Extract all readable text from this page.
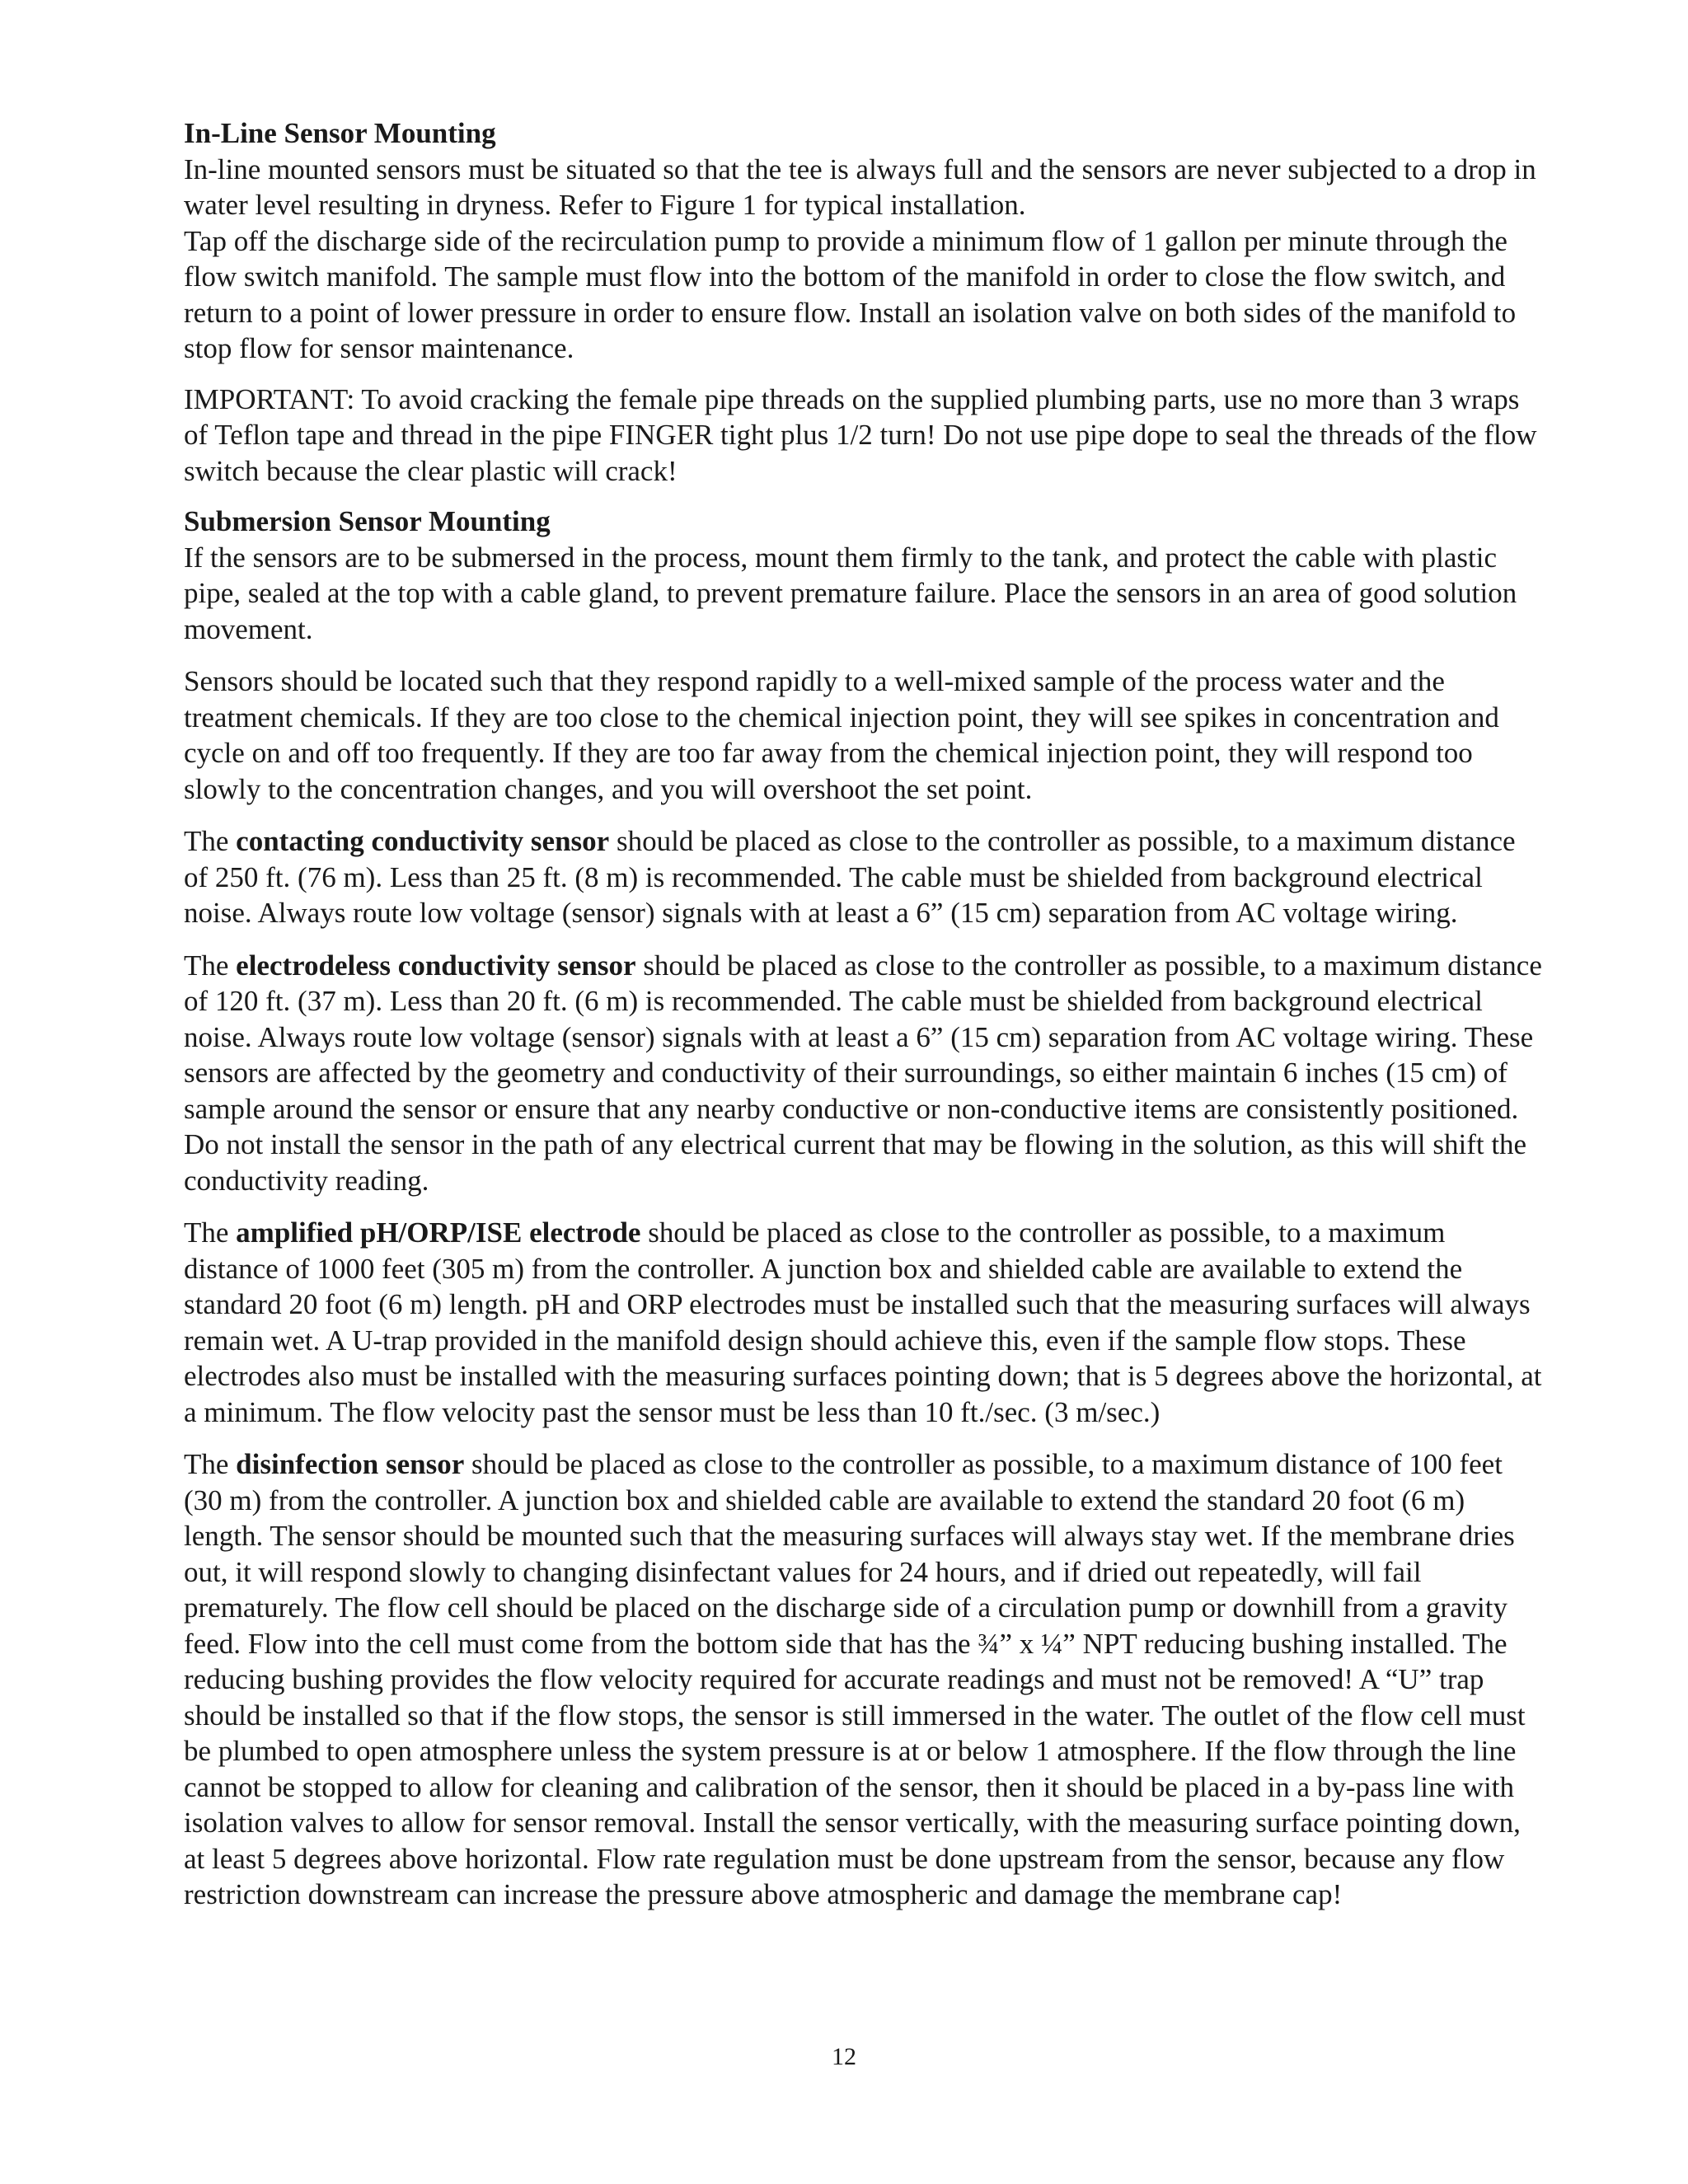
In-Line Sensor Mounting

In-line mounted sensors must be situated so that the tee is always full and the sensors are never subjected to a drop in water level resulting in dryness. Refer to Figure 1 for typical installation.

Tap off the discharge side of the recirculation pump to provide a minimum flow of 1 gallon per minute through the flow switch manifold. The sample must flow into the bottom of the manifold in order to close the flow switch, and return to a point of lower pressure in order to ensure flow. Install an isolation valve on both sides of the manifold to stop flow for sensor maintenance.

IMPORTANT: To avoid cracking the female pipe threads on the supplied plumbing parts, use no more than 3 wraps of Teflon tape and thread in the pipe FINGER tight plus 1/2 turn! Do not use pipe dope to seal the threads of the flow switch because the clear plastic will crack!

Submersion Sensor Mounting

If the sensors are to be submersed in the process, mount them firmly to the tank, and protect the cable with plastic pipe, sealed at the top with a cable gland, to prevent premature failure. Place the sensors in an area of good solution movement.

Sensors should be located such that they respond rapidly to a well-mixed sample of the process water and the treatment chemicals. If they are too close to the chemical injection point, they will see spikes in concentration and cycle on and off too frequently. If they are too far away from the chemical injection point, they will respond too slowly to the concentration changes, and you will overshoot the set point.

The contacting conductivity sensor should be placed as close to the controller as possible, to a maximum distance of 250 ft. (76 m). Less than 25 ft. (8 m) is recommended. The cable must be shielded from background electrical noise. Always route low voltage (sensor) signals with at least a 6” (15 cm) separation from AC voltage wiring.

The electrodeless conductivity sensor should be placed as close to the controller as possible, to a maximum distance of 120 ft. (37 m). Less than 20 ft. (6 m) is recommended. The cable must be shielded from background electrical noise. Always route low voltage (sensor) signals with at least a 6” (15 cm) separation from AC voltage wiring. These sensors are affected by the geometry and conductivity of their surroundings, so either maintain 6 inches (15 cm) of sample around the sensor or ensure that any nearby conductive or non-conductive items are consistently positioned. Do not install the sensor in the path of any electrical current that may be flowing in the solution, as this will shift the conductivity reading.

The amplified pH/ORP/ISE electrode should be placed as close to the controller as possible, to a maximum distance of 1000 feet (305 m) from the controller. A junction box and shielded cable are available to extend the standard 20 foot (6 m) length. pH and ORP electrodes must be installed such that the measuring surfaces will always remain wet. A U-trap provided in the manifold design should achieve this, even if the sample flow stops. These electrodes also must be installed with the measuring surfaces pointing down; that is 5 degrees above the horizontal, at a minimum. The flow velocity past the sensor must be less than 10 ft./sec. (3 m/sec.)

The disinfection sensor should be placed as close to the controller as possible, to a maximum distance of 100 feet (30 m) from the controller. A junction box and shielded cable are available to extend the standard 20 foot (6 m) length. The sensor should be mounted such that the measuring surfaces will always stay wet. If the membrane dries out, it will respond slowly to changing disinfectant values for 24 hours, and if dried out repeatedly, will fail prematurely. The flow cell should be placed on the discharge side of a circulation pump or downhill from a gravity feed. Flow into the cell must come from the bottom side that has the ¾” x ¼” NPT reducing bushing installed. The reducing bushing provides the flow velocity required for accurate readings and must not be removed! A “U” trap should be installed so that if the flow stops, the sensor is still immersed in the water. The outlet of the flow cell must be plumbed to open atmosphere unless the system pressure is at or below 1 atmosphere. If the flow through the line cannot be stopped to allow for cleaning and calibration of the sensor, then it should be placed in a by-pass line with isolation valves to allow for sensor removal. Install the sensor vertically, with the measuring surface pointing down, at least 5 degrees above horizontal. Flow rate regulation must be done upstream from the sensor, because any flow restriction downstream can increase the pressure above atmospheric and damage the membrane cap!

12
